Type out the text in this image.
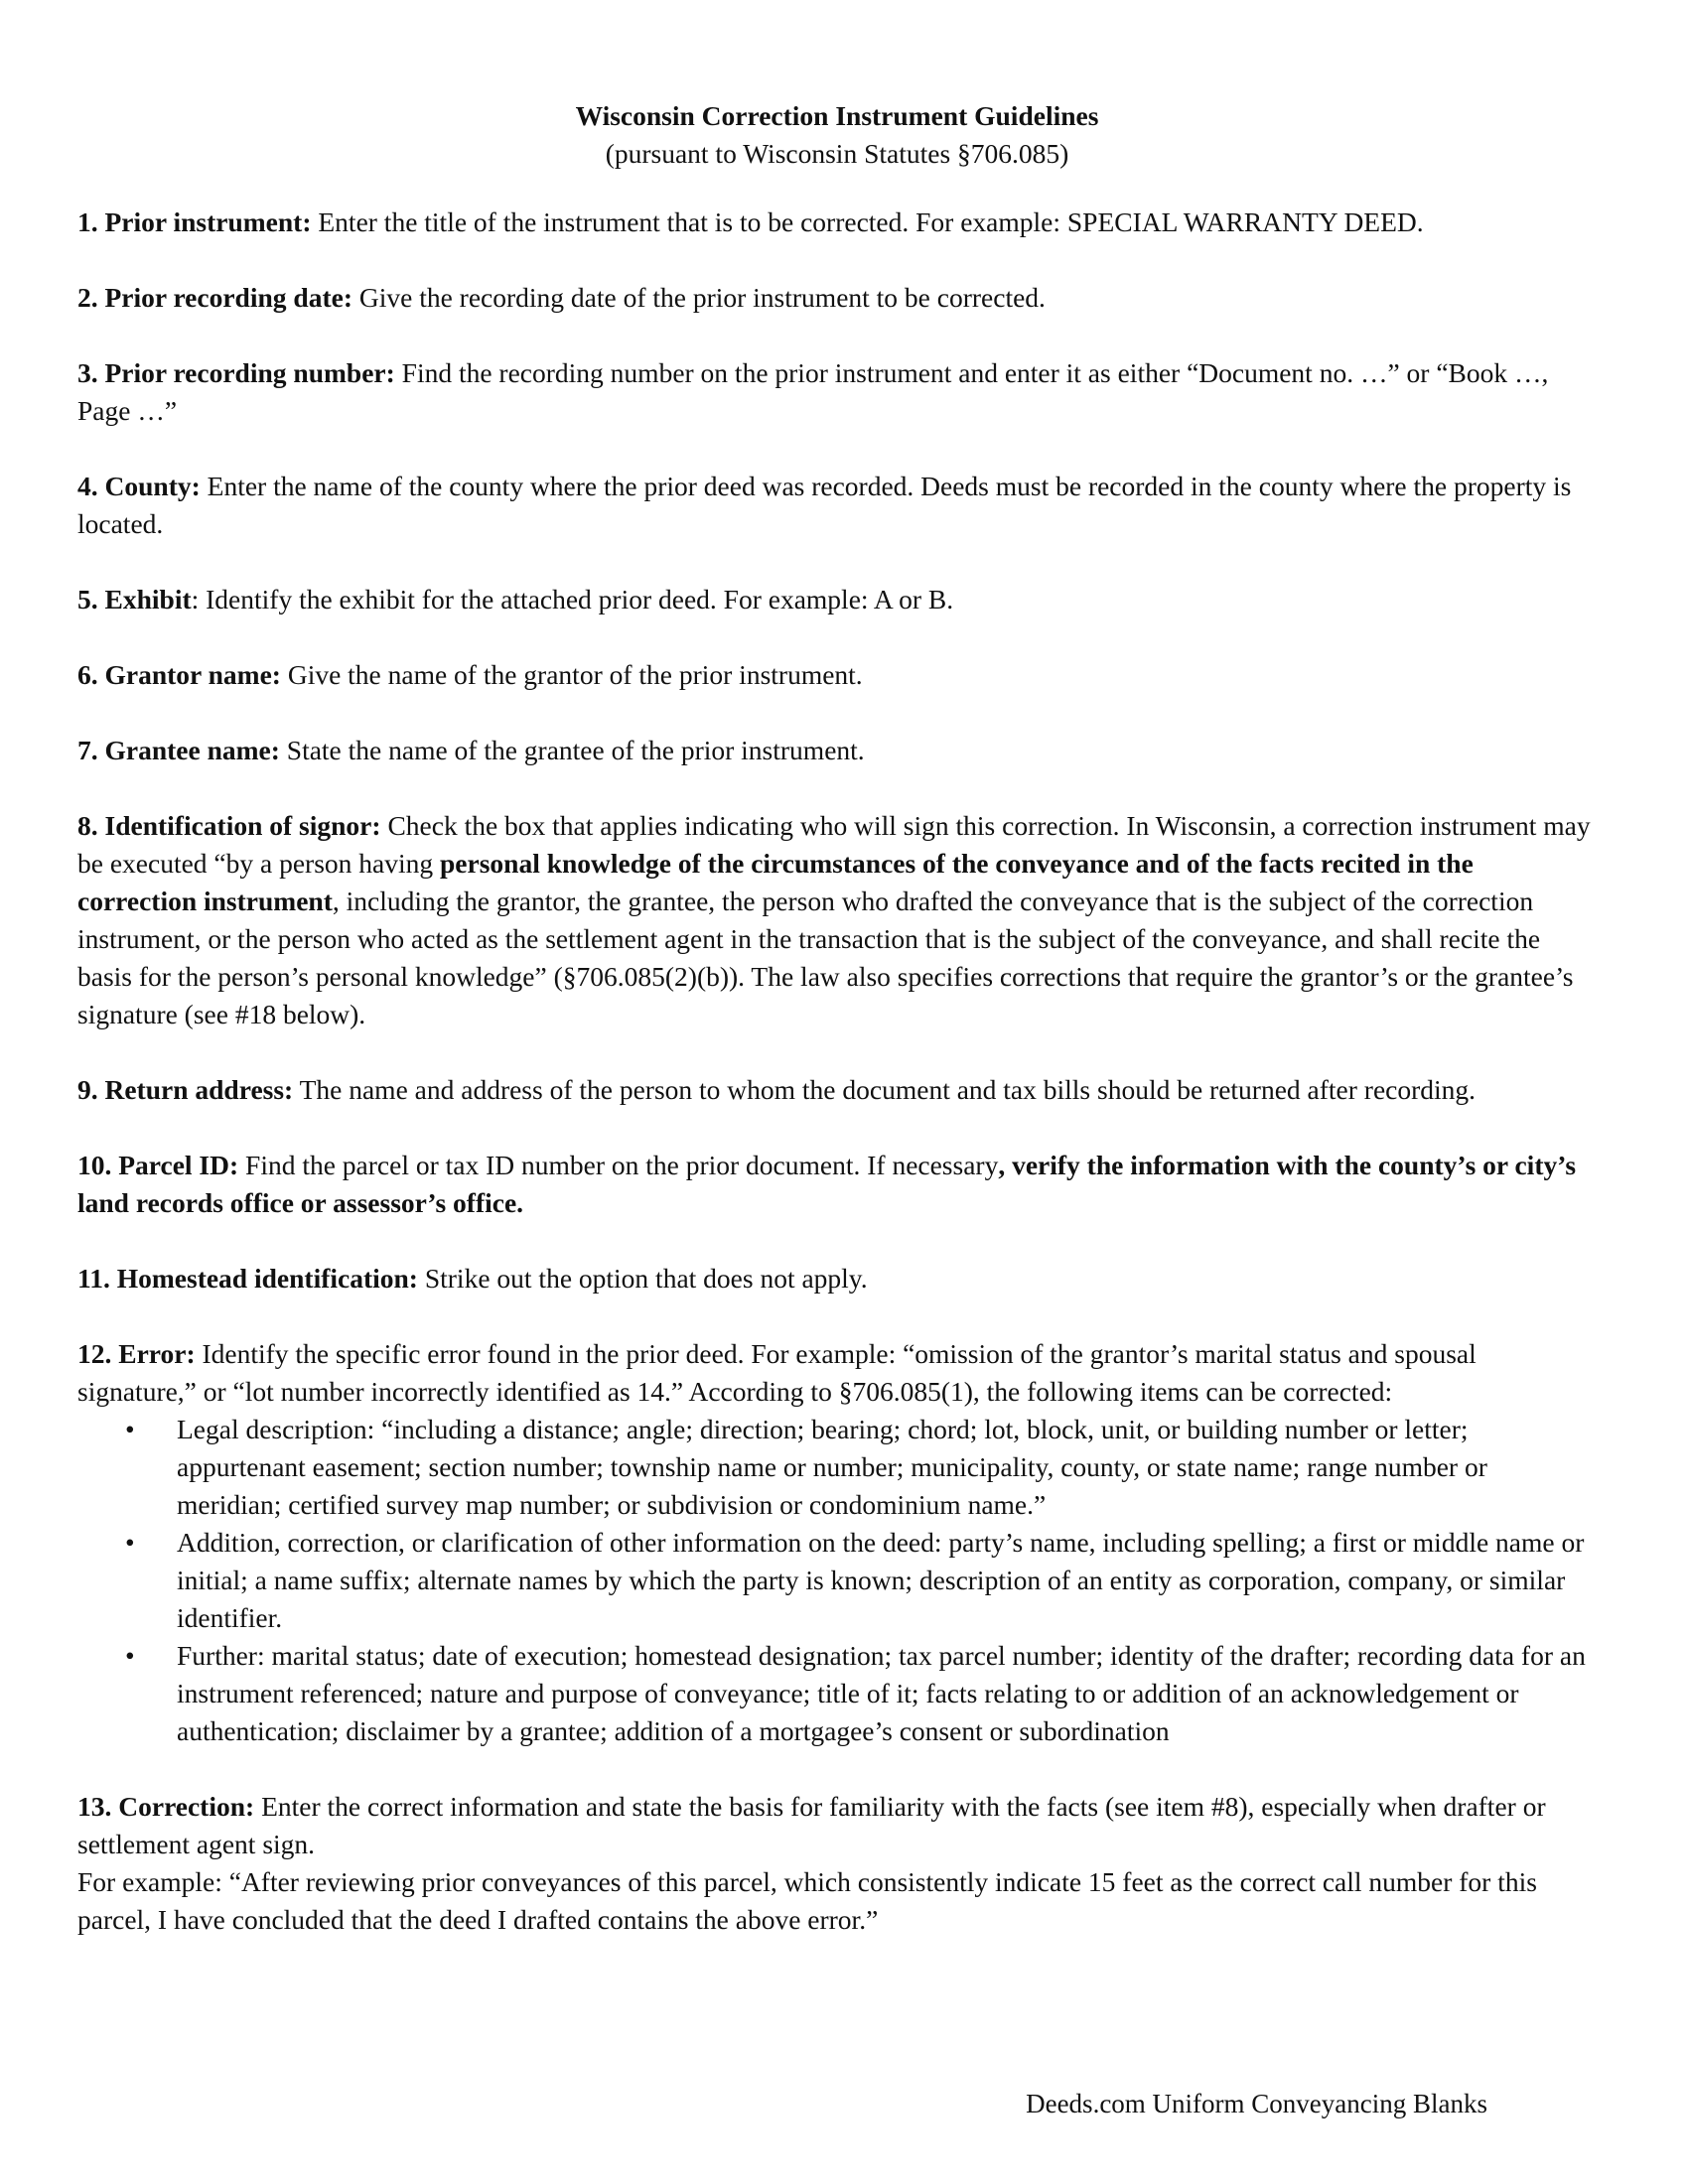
Wisconsin Correction Instrument Guidelines
(pursuant to Wisconsin Statutes §706.085)
1. Prior instrument: Enter the title of the instrument that is to be corrected. For example: SPECIAL WARRANTY DEED.
2. Prior recording date: Give the recording date of the prior instrument to be corrected.
3. Prior recording number: Find the recording number on the prior instrument and enter it as either “Document no. …” or “Book …, Page …”
4. County: Enter the name of the county where the prior deed was recorded. Deeds must be recorded in the county where the property is located.
5. Exhibit: Identify the exhibit for the attached prior deed. For example: A or B.
6. Grantor name: Give the name of the grantor of the prior instrument.
7. Grantee name: State the name of the grantee of the prior instrument.
8. Identification of signor: Check the box that applies indicating who will sign this correction. In Wisconsin, a correction instrument may be executed “by a person having personal knowledge of the circumstances of the conveyance and of the facts recited in the correction instrument, including the grantor, the grantee, the person who drafted the conveyance that is the subject of the correction instrument, or the person who acted as the settlement agent in the transaction that is the subject of the conveyance, and shall recite the basis for the person’s personal knowledge” (§706.085(2)(b)). The law also specifies corrections that require the grantor’s or the grantee’s signature (see #18 below).
9. Return address: The name and address of the person to whom the document and tax bills should be returned after recording.
10. Parcel ID: Find the parcel or tax ID number on the prior document. If necessary, verify the information with the county’s or city’s land records office or assessor’s office.
11. Homestead identification: Strike out the option that does not apply.
12. Error: Identify the specific error found in the prior deed. For example: “omission of the grantor’s marital status and spousal signature,” or “lot number incorrectly identified as 14.” According to §706.085(1), the following items can be corrected:
• Legal description: “including a distance; angle; direction; bearing; chord; lot, block, unit, or building number or letter; appurtenant easement; section number; township name or number; municipality, county, or state name; range number or meridian; certified survey map number; or subdivision or condominium name.”
• Addition, correction, or clarification of other information on the deed: party’s name, including spelling; a first or middle name or initial; a name suffix; alternate names by which the party is known; description of an entity as corporation, company, or similar identifier.
• Further: marital status; date of execution; homestead designation; tax parcel number; identity of the drafter; recording data for an instrument referenced; nature and purpose of conveyance; title of it; facts relating to or addition of an acknowledgement or authentication; disclaimer by a grantee; addition of a mortgagee’s consent or subordination
13. Correction: Enter the correct information and state the basis for familiarity with the facts (see item #8), especially when drafter or settlement agent sign.
For example: “After reviewing prior conveyances of this parcel, which consistently indicate 15 feet as the correct call number for this parcel, I have concluded that the deed I drafted contains the above error.”
Deeds.com Uniform Conveyancing Blanks
